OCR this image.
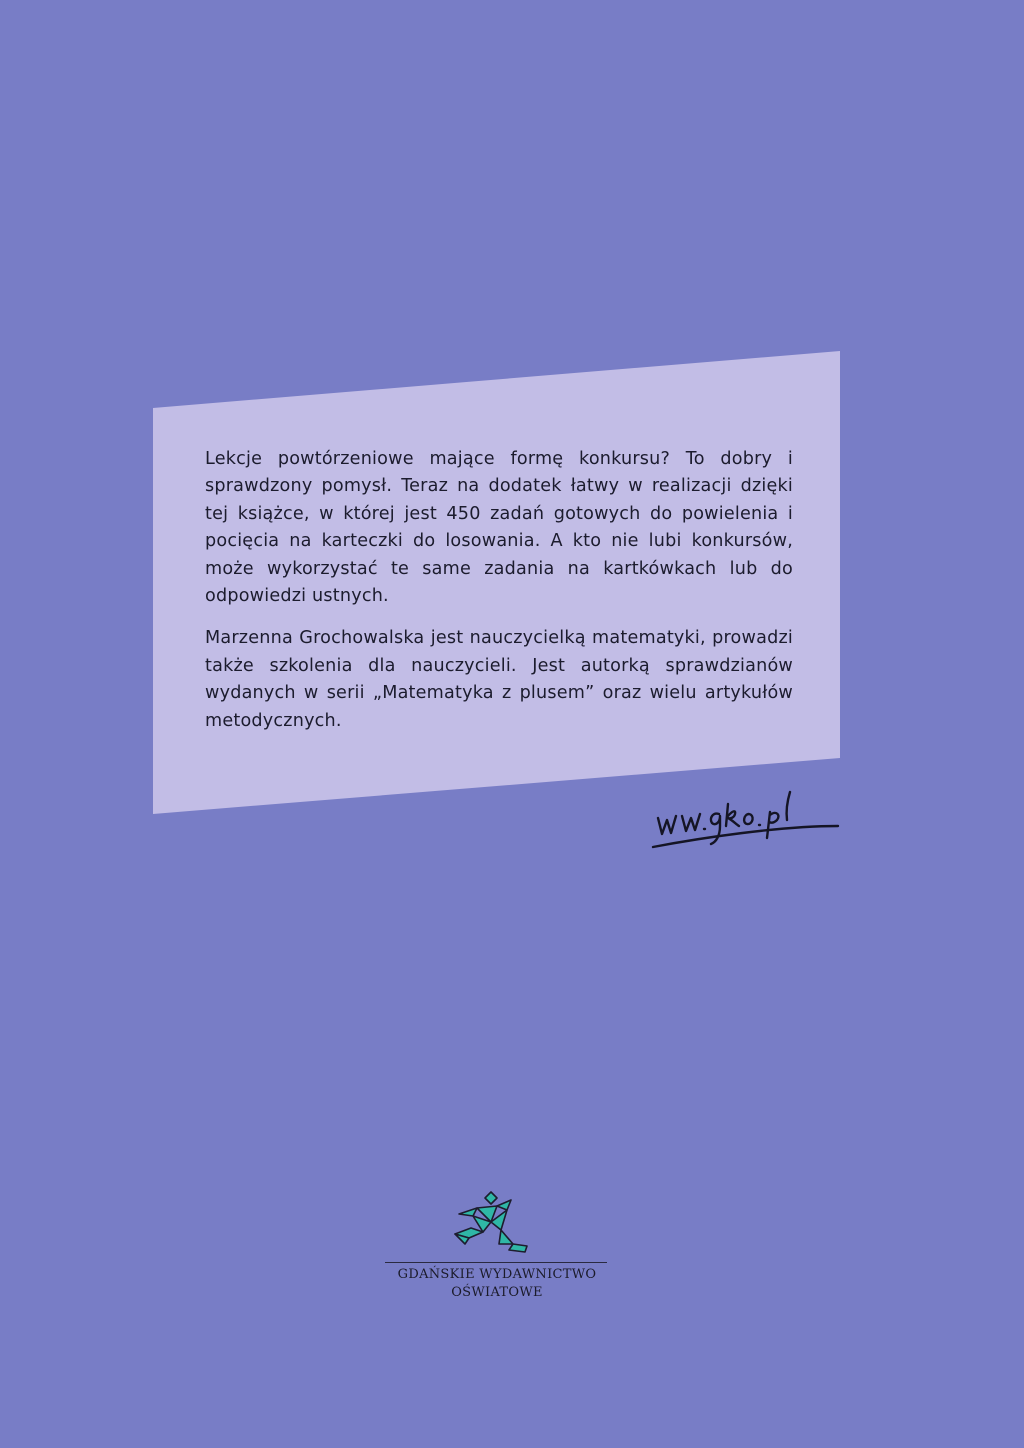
Lekcje powtórzeniowe mające formę konkursu? To dobry i sprawdzony pomysł. Teraz na dodatek łatwy w realizacji dzięki tej książce, w której jest 450 zadań gotowych do powielenia i pocięcia na karteczki do losowania. A kto nie lubi konkursów, może wykorzystać te same zadania na kartkówkach lub do odpowiedzi ustnych.

Marzenna Grochowalska jest nauczycielką matematyki, prowadzi także szkolenia dla nauczycieli. Jest autorką sprawdzianów wydanych w serii „Matematyka z plusem” oraz wielu artykułów metodycznych.

GDAŃSKIE WYDAWNICTWO
OŚWIATOWE
